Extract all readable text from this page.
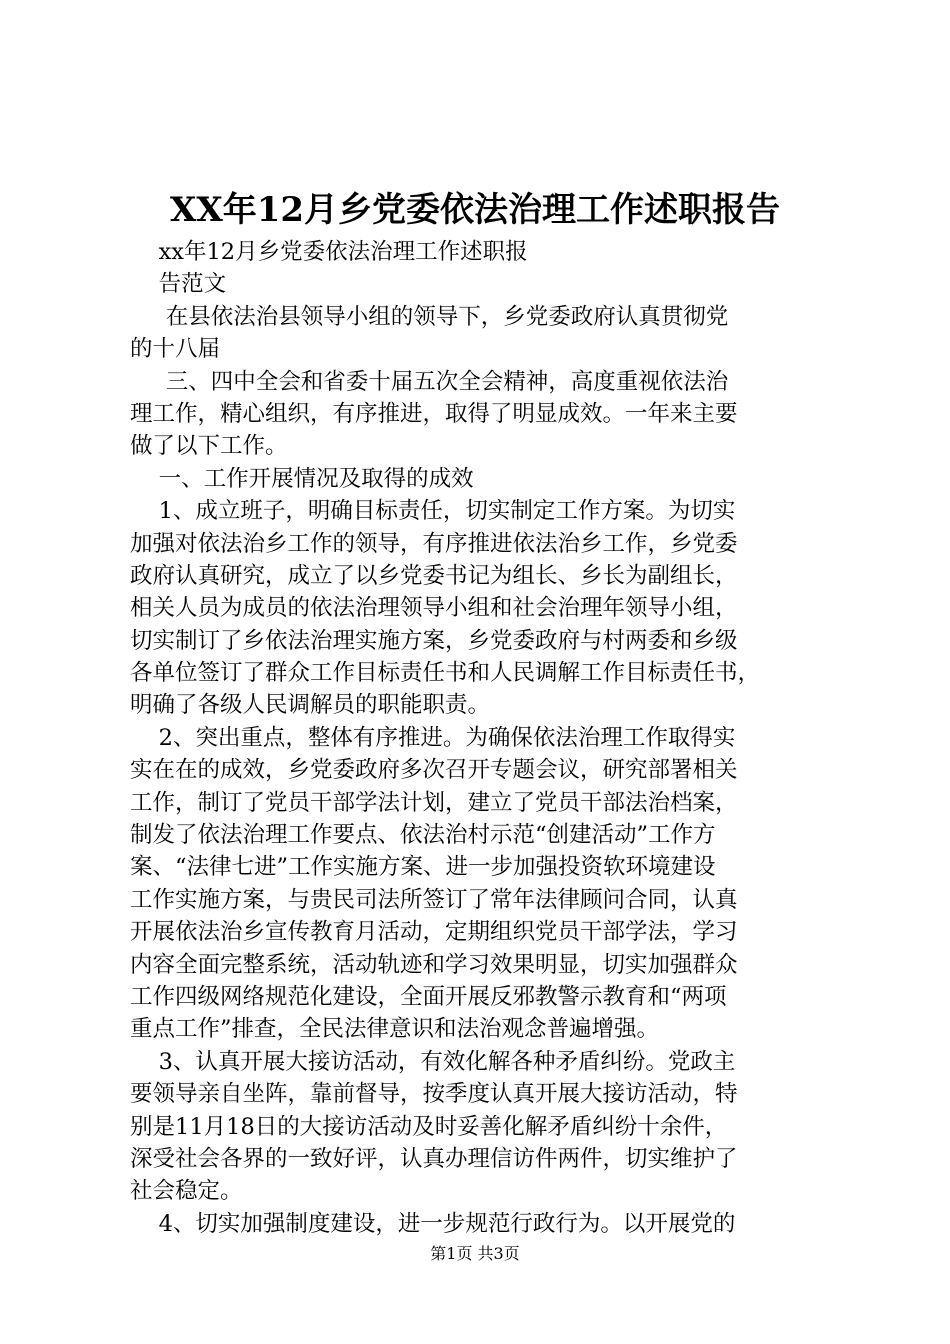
XX年12月乡党委依法治理工作述职报告
xx年12月乡党委依法治理工作述职报
告范文
在县依法治县领导小组的领导下，乡党委政府认真贯彻党
的十八届
三、四中全会和省委十届五次全会精神，高度重视依法治
理工作，精心组织，有序推进，取得了明显成效。一年来主要
做了以下工作。
一、工作开展情况及取得的成效
1、成立班子，明确目标责任，切实制定工作方案。为切实
加强对依法治乡工作的领导，有序推进依法治乡工作，乡党委
政府认真研究，成立了以乡党委书记为组长、乡长为副组长，
相关人员为成员的依法治理领导小组和社会治理年领导小组，
切实制订了乡依法治理实施方案，乡党委政府与村两委和乡级
各单位签订了群众工作目标责任书和人民调解工作目标责任书，
明确了各级人民调解员的职能职责。
2、突出重点，整体有序推进。为确保依法治理工作取得实
实在在的成效，乡党委政府多次召开专题会议，研究部署相关
工作，制订了党员干部学法计划，建立了党员干部法治档案，
制发了依法治理工作要点、依法治村示范“创建活动”工作方
案、“法律七进”工作实施方案、进一步加强投资软环境建设
工作实施方案，与贵民司法所签订了常年法律顾问合同，认真
开展依法治乡宣传教育月活动，定期组织党员干部学法，学习
内容全面完整系统，活动轨迹和学习效果明显，切实加强群众
工作四级网络规范化建设，全面开展反邪教警示教育和“两项
重点工作”排查，全民法律意识和法治观念普遍增强。
3、认真开展大接访活动，有效化解各种矛盾纠纷。党政主
要领导亲自坐阵，靠前督导，按季度认真开展大接访活动，特
别是11月18日的大接访活动及时妥善化解矛盾纠纷十余件，
深受社会各界的一致好评，认真办理信访件两件，切实维护了
社会稳定。
4、切实加强制度建设，进一步规范行政行为。以开展党的
第1页 共3页
